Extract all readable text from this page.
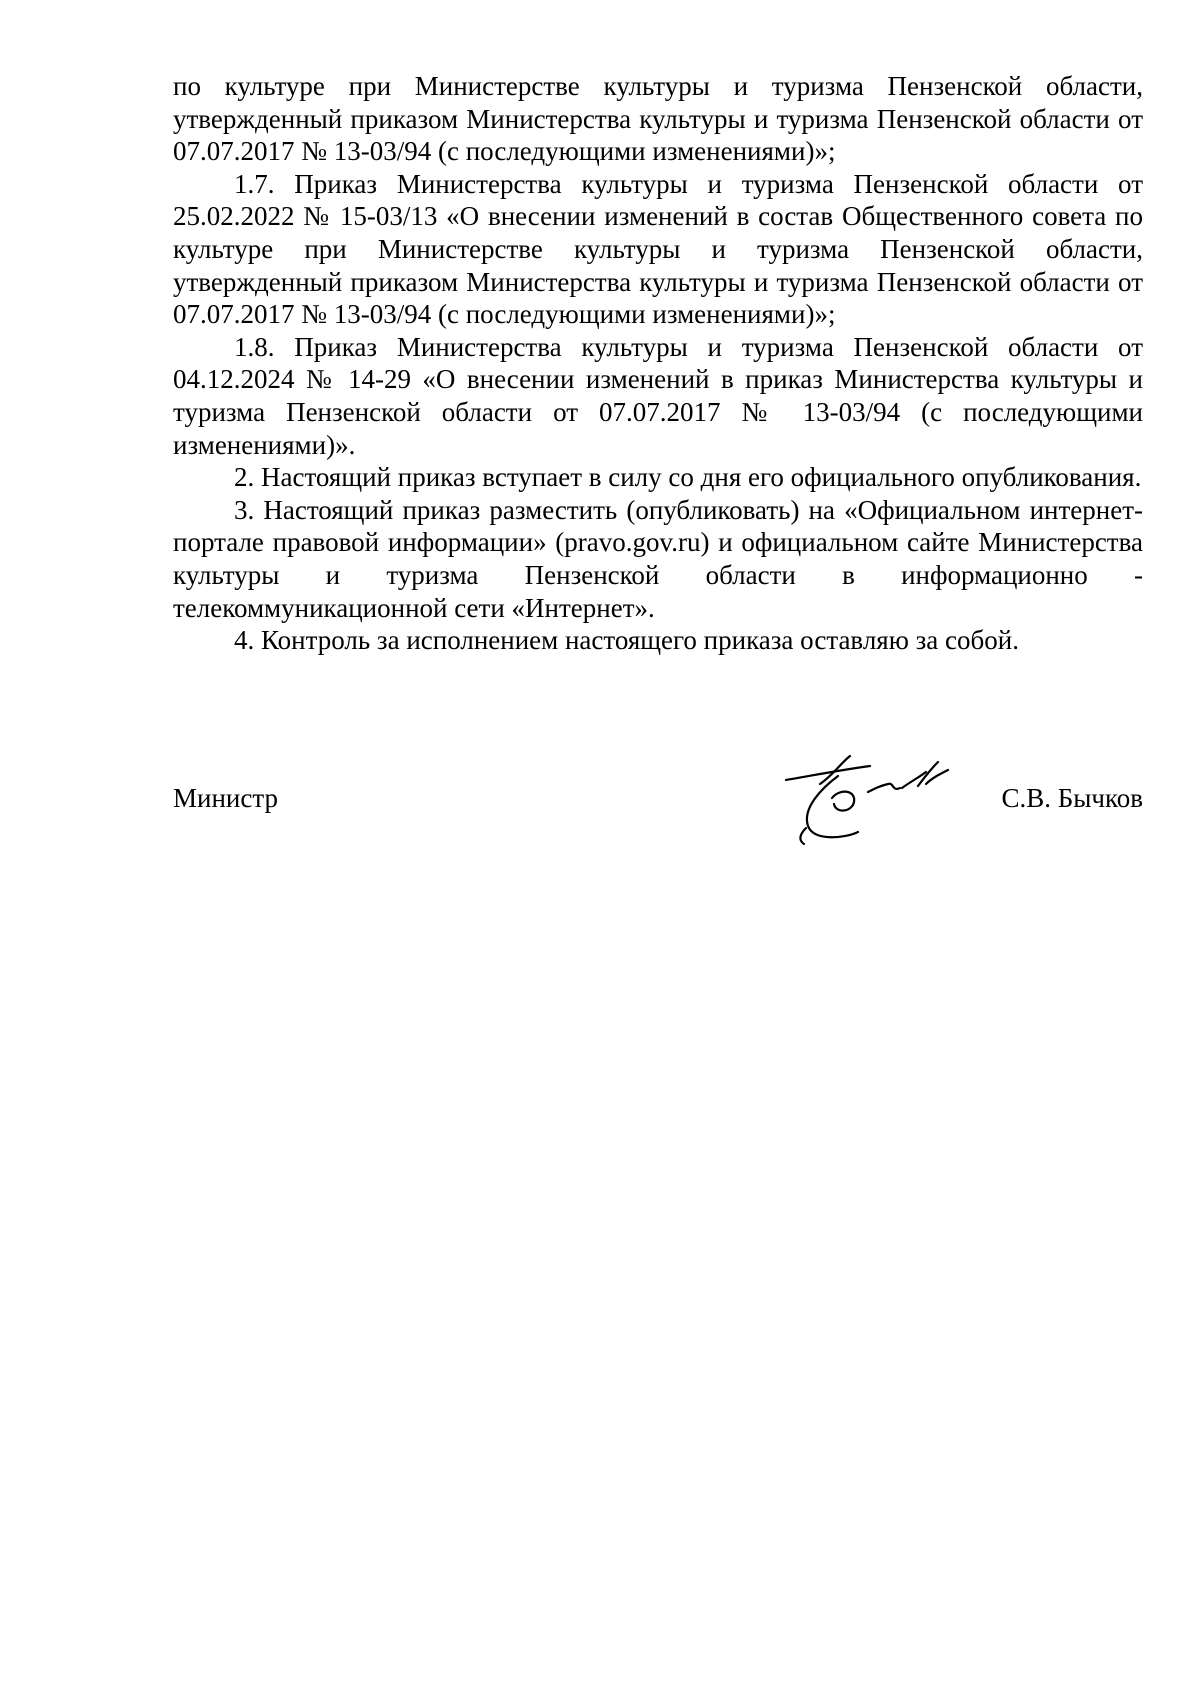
по культуре при Министерстве культуры и туризма Пензенской области, утвержденный приказом Министерства культуры и туризма Пензенской области от 07.07.2017 № 13-03/94 (с последующими изменениями)»;

1.7. Приказ Министерства культуры и туризма Пензенской области от 25.02.2022 № 15-03/13 «О внесении изменений в состав Общественного совета по культуре при Министерстве культуры и туризма Пензенской области, утвержденный приказом Министерства культуры и туризма Пензенской области от 07.07.2017 № 13-03/94 (с последующими изменениями)»;

1.8. Приказ Министерства культуры и туризма Пензенской области от 04.12.2024 № 14-29 «О внесении изменений в приказ Министерства культуры и туризма Пензенской области от 07.07.2017 № 13-03/94 (с последующими изменениями)».

2. Настоящий приказ вступает в силу со дня его официального опубликования.

3. Настоящий приказ разместить (опубликовать) на «Официальном интернет-портале правовой информации» (pravo.gov.ru) и официальном сайте Министерства культуры и туризма Пензенской области в информационно - телекоммуникационной сети «Интернет».

4. Контроль за исполнением настоящего приказа оставляю за собой.

Министр	С.В. Бычков
